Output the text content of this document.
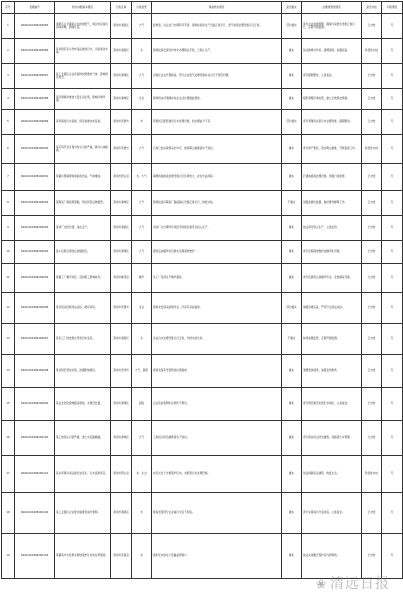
序号	受理编号	转办问题基本情况	行政区域	污染类型	调查核实情况	是否属实	处理和整改情况	是否办结	问责情况
1	D2GD201908160085	清新区太平镇某企业排放废气，周边村民投诉异味问题，影响生活。	清远市清新区	大气	经核查，该企业已办理环评手续，现场检查时生产设备正常运行，废气收集处理设施运行正常。	部分属实	责令企业加强管理，确保污染防治设施正常运行，定期开展监测。	已办结	无
2	D2GD201908160086	某村附近有小作坊违法排放污水，污染周边水体。	清远市清新区	水	现场检查发现该作坊未办理相关手续，已停止生产。	属实	依法取缔该作坊，清理现场，加强巡查。	阶段性办结	无
3	D2GD201908160087	某工业园区企业夜间排放刺激性气体，影响居民休息。	清远市清城区	大气	对园区企业开展排查，部分企业废气处理设施存在运行不规范问题。	属实	责令限期整改，立案查处。	已办结	无
4	D2GD201908160088	某河道两岸堆放大量生活垃圾，影响河道环境。	清远市清城区	生态	现场核实河道两岸存在生活垃圾堆放现象。	属实	组织清理河道垃圾，建立长效保洁机制。	已办结	无
5	D2GD201908160089	某养殖场污水直排，附近鱼塘水质变差。	清远市英德市	水	养殖场已配套建设污水处理设施，但处理能力不足。	部分属实	责令养殖场完善污水处理设施，限期整改。	已办结	无
6	D2GD201908160090	某石场开采过程中粉尘污染严重，破坏山体植被。	清远市英德市	大气	石场已依法取得采矿许可，现场降尘措施落实不到位。	属实	责令停产整改，落实降尘措施，开展复绿工作。	阶段性办结	无
7	D2GD201908160091	某镇垃圾填埋场渗滤液外溢，气味难闻。	清远市阳山县	水、大气	填埋场渗滤液处理设施运行负荷较大，存在外溢风险。	属实	扩建渗滤液处理设施，加强日常监管。	已办结	无
8	D2GD201908160092	某陶瓷厂烟囱冒黑烟，周边居民反映强烈。	清远市清城区	大气	现场检查该陶瓷厂脱硫除尘设施正常运行，排放达标。	不属实	加强监督性监测，做好群众解释工作。	已办结	无
9	D2GD201908160093	某砖厂未批先建，违法生产。	清远市清新区	大气	该砖厂未办理环评审批手续擅自建设并投入生产。	属实	依法责令停止生产，立案处罚。	已办结	无
10	D2GD201908160094	某小区附近餐饮店油烟扰民。	清远市清城区	大气	餐饮店油烟净化设施未定期清洗维护。	属实	责令定期清洗维护油烟净化设施。	已办结	无
11	D2GD201908160095	某镇工厂噪声扰民，夜间施工影响休息。	清远市佛冈县	噪声	该工厂夜间生产噪声超标。	属实	责令夜间停止高噪声作业，安装隔音设施。	已办结	无
12	D2GD201908160096	某河段采砂船非法采砂，破坏河床。	清远市英德市	生态	现场未发现采砂船作业，河床有采砂痕迹。	部分属实	加强河道巡查，严厉打击非法采砂。	已办结	无
13	D2GD201908160097	某化工厂排放废水导致河水变色。	清远市清新区	水	企业污水处理设施运行正常，外排水质达标。	不属实	持续加强监管，定期开展监测。	已办结	无
14	D2GD201908160098	某村附近焚烧垃圾，浓烟影响居民。	清远市连州市	大气、固废	现场发现有零星焚烧垃圾痕迹。	属实	清理焚烧现场，加强宣传教育。	已办结	无
15	D2GD201908160099	某企业危险废物随意堆放，未规范处置。	清远市清城区	固废	企业危险废物贮存场所不规范。	属实	责令规范建设危废贮存场所，立案查处。	已办结	无
16	D2GD201908160100	某工地扬尘污染严重，渣土车沿路撒漏。	清远市清城区	大气	工地扬尘防治措施落实不到位。	属实	责令落实扬尘防治措施，加强渣土车管理。	已办结	无
17	D2GD201908160101	某水库周边违法建设农家乐，污水直排库区。	清远市阳山县	水、生态	农家乐位于水源保护区内，未配套污水处理设施。	属实	依法拆除违法建筑，恢复生态。	阶段性办结	无
18	D2GD201908160102	某工业园区企业废水偷排至雨水管网。	清远市清新区	水	排查发现部分企业雨污分流不彻底。	属实	责令完善雨污分流改造，立案查处。	已办结	无
19	D2GD201908160103	某镇集中式饮用水源地保护区内存在养殖场。	清远市连南县	水	保护区内存在少量畜禽养殖户。	属实	依法关闭搬迁保护区内养殖场。	已办结	无
❀ 清远日报
